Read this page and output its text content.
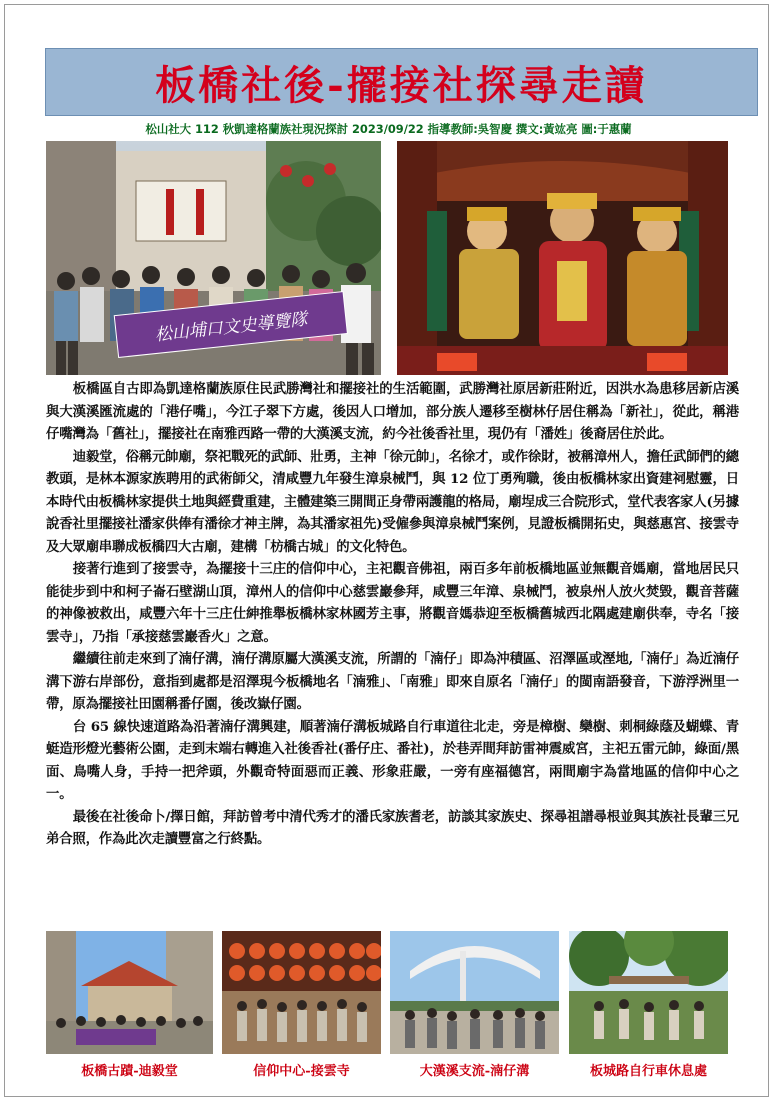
板橋社後-擺接社探尋走讀
松山社大 112 秋凱達格蘭族社現況探討 2023/09/22 指導教師:吳智慶 撰文:黃竑亮 圖:于惠蘭
松山埔口文史導覽隊

板橋區自古即為凱達格蘭族原住民武勝灣社和擺接社的生活範圍，武勝灣社原居新莊附近，因洪水為患移居新店溪與大漢溪匯流處的「港仔嘴」，今江子翠下方處，後因人口增加，部分族人遷移至樹林仔居住稱為「新社」，從此，稱港仔嘴灣為「舊社」，擺接社在南雅西路一帶的大漢溪支流，約今社後香社里，現仍有「潘姓」後裔居住於此。

迪毅堂，俗稱元帥廟，祭祀戰死的武師、壯勇，主神「徐元帥」，名徐才，或作徐財，被稱漳州人，擔任武師們的總教頭，是林本源家族聘用的武術師父，清咸豐九年發生漳泉械鬥，與 12 位丁勇殉職，後由板橋林家出資建祠慰靈，日本時代由板橋林家提供土地與經費重建，主體建築三開間正身帶兩護龍的格局，廟埕成三合院形式，堂代表客家人(另據說香社里擺接社潘家供俸有潘徐才神主牌，為其潘家祖先)受僱參與漳泉械鬥案例，見證板橋開拓史，與慈惠宮、接雲寺及大眾廟串聯成板橋四大古廟，建構「枋橋古城」的文化特色。

接著行進到了接雲寺，為擺接十三庄的信仰中心，主祀觀音佛祖，兩百多年前板橋地區並無觀音媽廟，當地居民只能徒步到中和柯子崙石壁湖山頂，漳州人的信仰中心慈雲巖參拜，咸豐三年漳、泉械鬥，被泉州人放火焚毀，觀音菩薩的神像被救出，咸豐六年十三庄仕紳推舉板橋林家林國芳主事，將觀音媽恭迎至板橋舊城西北隅處建廟供奉，寺名「接雲寺」，乃指「承接慈雲巖香火」之意。

繼續往前走來到了湳仔溝，湳仔溝原屬大漢溪支流，所謂的「湳仔」即為沖積區、沼澤區或溼地,「湳仔」為近湳仔溝下游右岸部份，意指到處都是沼澤現今板橋地名「湳雅」、「南雅」即來自原名「湳仔」的閩南語發音，下游浮洲里一帶，原為擺接社田園稱番仔園，後改嶽仔園。

台 65 線快速道路為沿著湳仔溝興建，順著湳仔溝板城路自行車道往北走，旁是樟樹、欒樹、刺桐綠蔭及蝴蝶、青蜓造形燈光藝術公園，走到末端右轉進入社後香社(番仔庄、番社)，於巷弄間拜訪雷神震威宮，主祀五雷元帥，綠面/黑面、鳥嘴人身，手持一把斧頭，外觀奇特面惡而正義、形象莊嚴，一旁有座福德宮，兩間廟宇為當地區的信仰中心之一。

最後在社後命卜/擇日館，拜訪曾考中清代秀才的潘氏家族耆老，訪談其家族史、探尋祖譜尋根並與其族社長輩三兄弟合照，作為此次走讀豐富之行終點。

板橋古蹟-迪毅堂	信仰中心-接雲寺	大漢溪支流-湳仔溝	板城路自行車休息處
